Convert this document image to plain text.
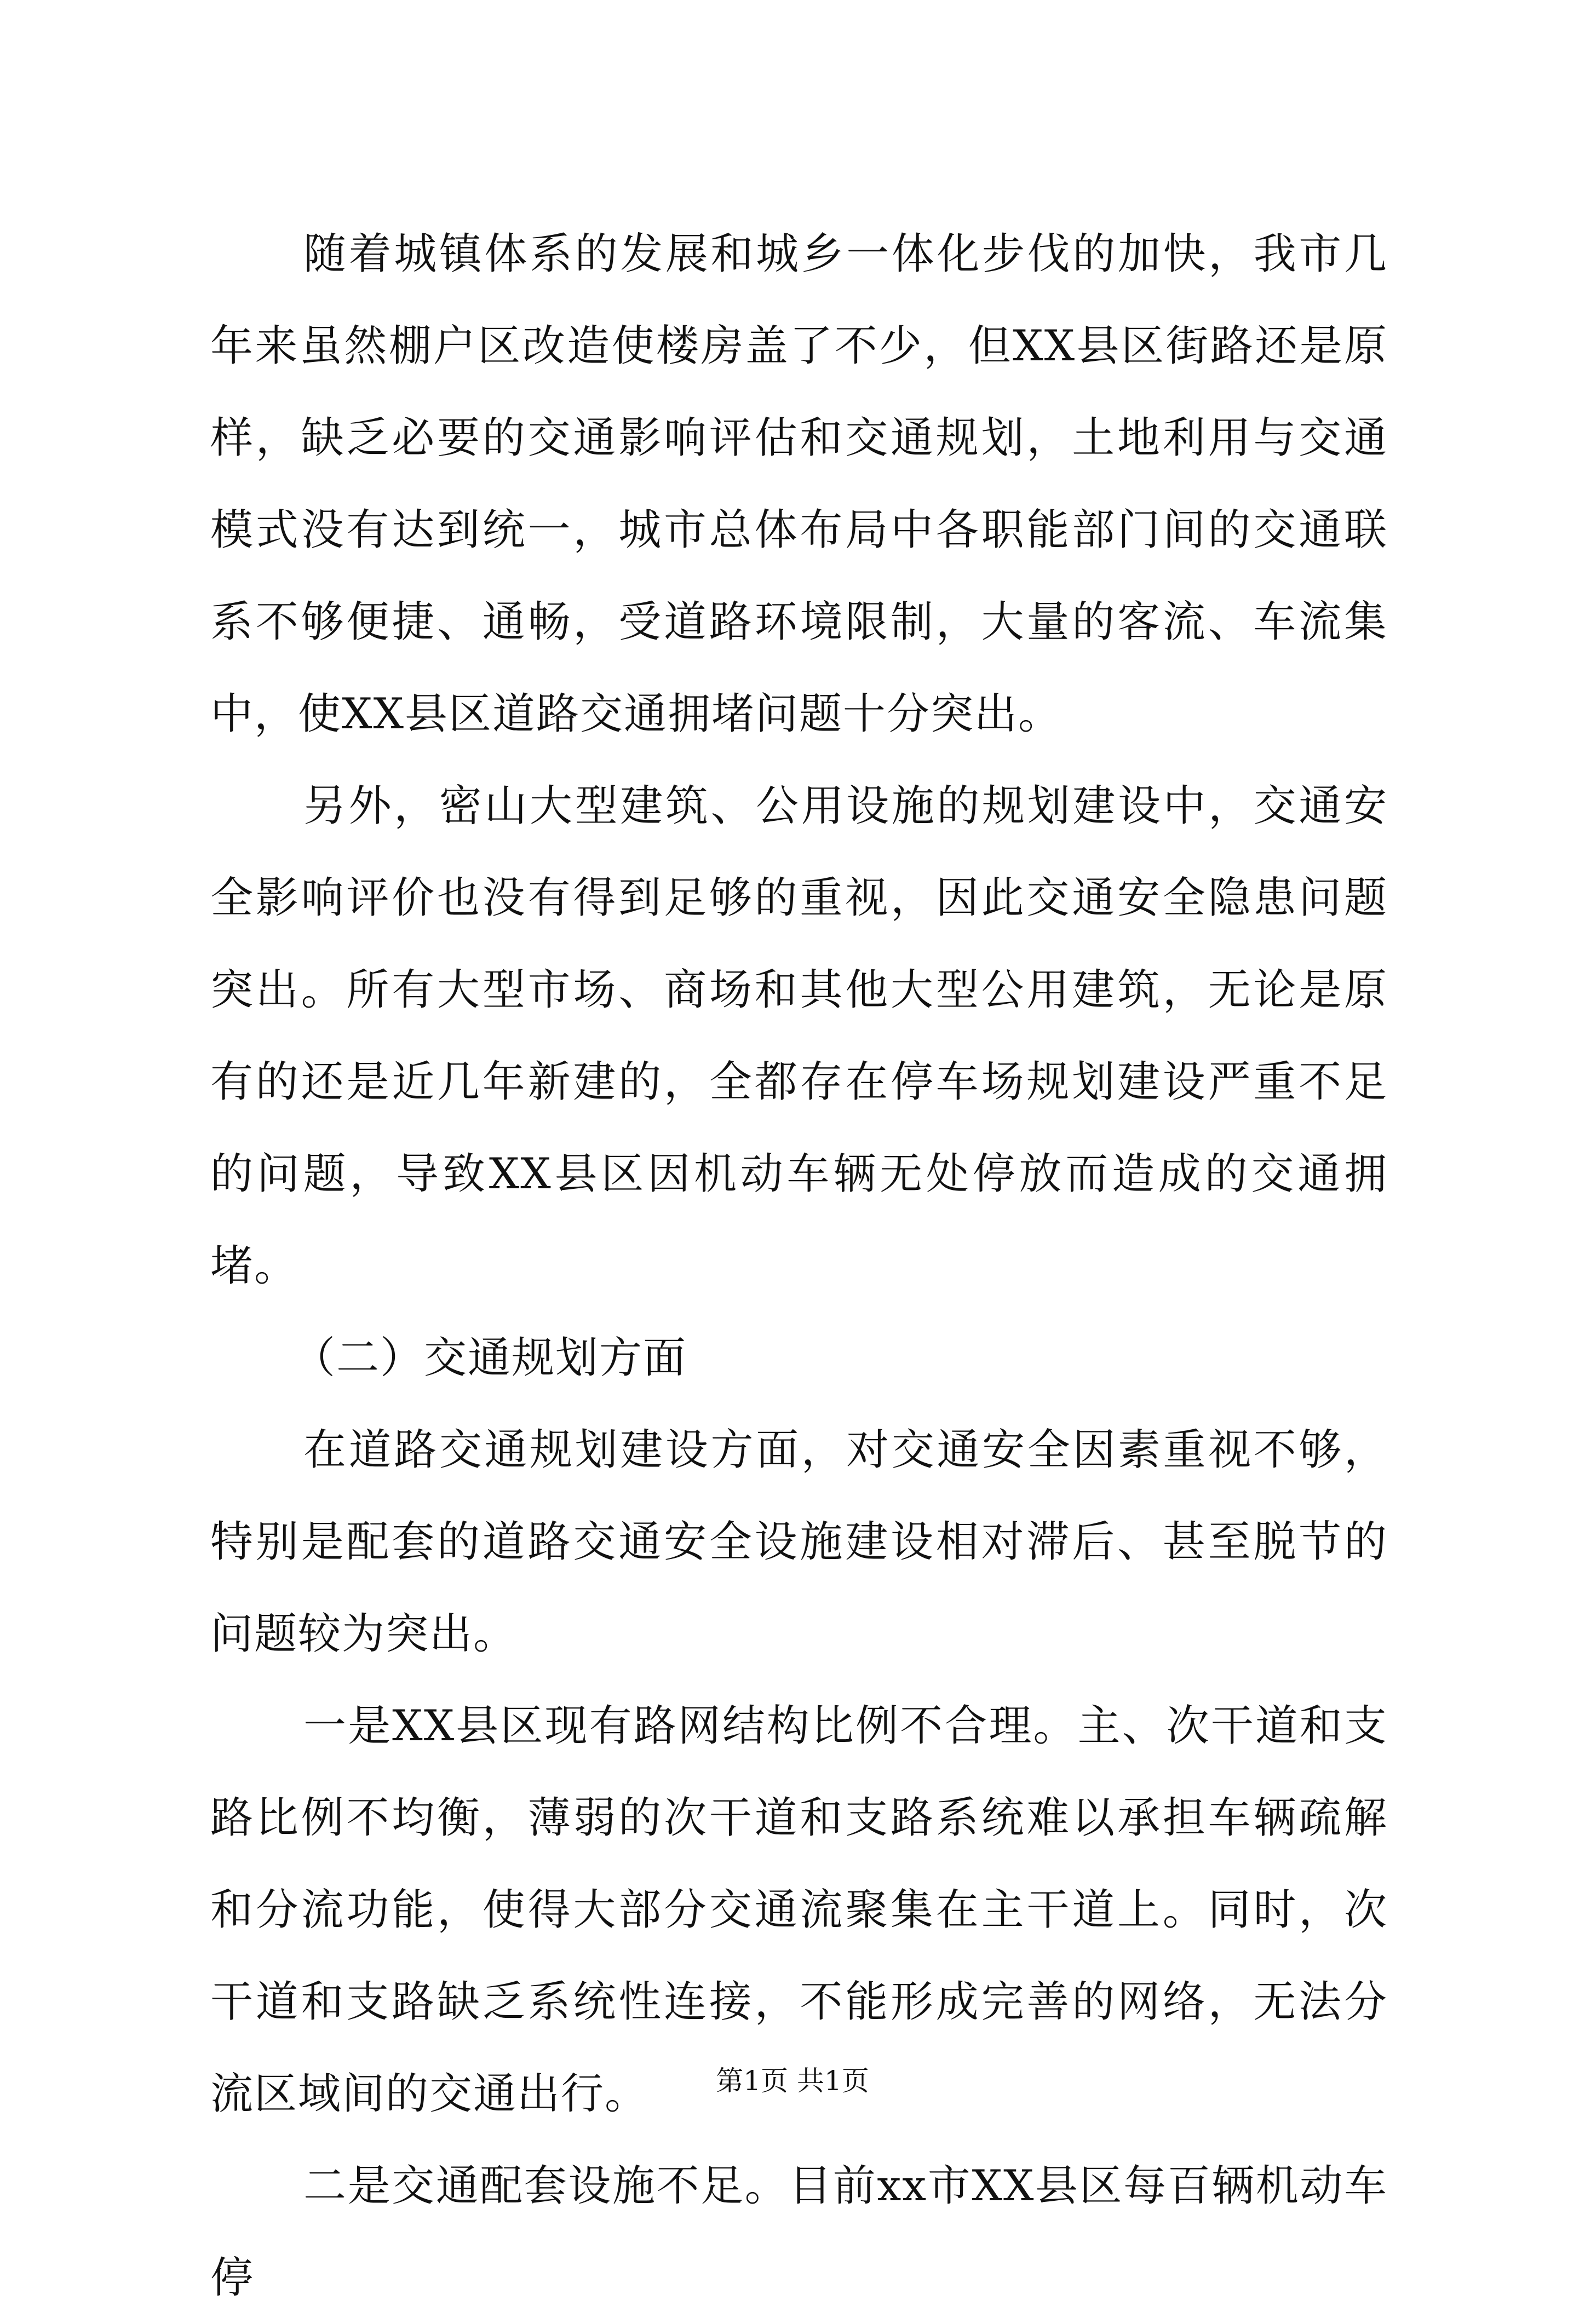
随着城镇体系的发展和城乡一体化步伐的加快，我市几年来虽然棚户区改造使楼房盖了不少，但XX县区街路还是原样，缺乏必要的交通影响评估和交通规划，土地利用与交通模式没有达到统一，城市总体布局中各职能部门间的交通联系不够便捷、通畅，受道路环境限制，大量的客流、车流集中，使XX县区道路交通拥堵问题十分突出。

另外，密山大型建筑、公用设施的规划建设中，交通安全影响评价也没有得到足够的重视，因此交通安全隐患问题突出。所有大型市场、商场和其他大型公用建筑，无论是原有的还是近几年新建的，全都存在停车场规划建设严重不足的问题，导致XX县区因机动车辆无处停放而造成的交通拥堵。

（二）交通规划方面

在道路交通规划建设方面，对交通安全因素重视不够，特别是配套的道路交通安全设施建设相对滞后、甚至脱节的问题较为突出。

一是XX县区现有路网结构比例不合理。主、次干道和支路比例不均衡，薄弱的次干道和支路系统难以承担车辆疏解和分流功能，使得大部分交通流聚集在主干道上。同时，次干道和支路缺乏系统性连接，不能形成完善的网络，无法分流区域间的交通出行。

二是交通配套设施不足。目前xx市XX县区每百辆机动车停

第1页 共1页
